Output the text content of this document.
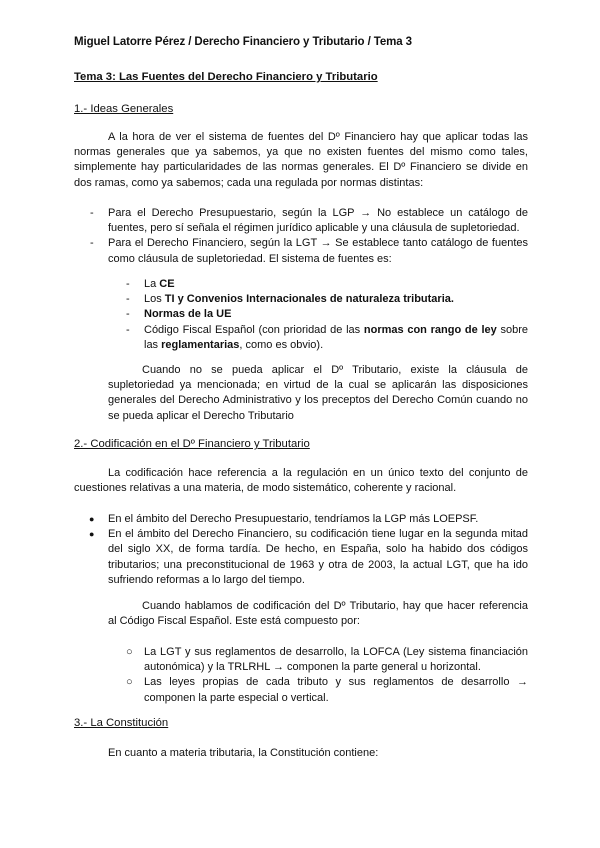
Miguel Latorre Pérez / Derecho Financiero y Tributario / Tema 3
Tema 3: Las Fuentes del Derecho Financiero y Tributario
1.- Ideas Generales
A la hora de ver el sistema de fuentes del Dº Financiero hay que aplicar todas las normas generales que ya sabemos, ya que no existen fuentes del mismo como tales, simplemente hay particularidades de las normas generales. El Dº Financiero se divide en dos ramas, como ya sabemos; cada una regulada por normas distintas:
- Para el Derecho Presupuestario, según la LGP → No establece un catálogo de fuentes, pero sí señala el régimen jurídico aplicable y una cláusula de supletoriedad.
- Para el Derecho Financiero, según la LGT → Se establece tanto catálogo de fuentes como cláusula de supletoriedad. El sistema de fuentes es:
- La CE
- Los TI y Convenios Internacionales de naturaleza tributaria.
- Normas de la UE
- Código Fiscal Español (con prioridad de las normas con rango de ley sobre las reglamentarias, como es obvio).
Cuando no se pueda aplicar el Dº Tributario, existe la cláusula de supletoriedad ya mencionada; en virtud de la cual se aplicarán las disposiciones generales del Derecho Administrativo y los preceptos del Derecho Común cuando no se pueda aplicar el Derecho Tributario
2.- Codificación en el Dº Financiero y Tributario
La codificación hace referencia a la regulación en un único texto del conjunto de cuestiones relativas a una materia, de modo sistemático, coherente y racional.
● En el ámbito del Derecho Presupuestario, tendríamos la LGP más LOEPSF.
● En el ámbito del Derecho Financiero, su codificación tiene lugar en la segunda mitad del siglo XX, de forma tardía. De hecho, en España, solo ha habido dos códigos tributarios; una preconstitucional de 1963 y otra de 2003, la actual LGT, que ha ido sufriendo reformas a lo largo del tiempo.
Cuando hablamos de codificación del Dº Tributario, hay que hacer referencia al Código Fiscal Español. Este está compuesto por:
○ La LGT y sus reglamentos de desarrollo, la LOFCA (Ley sistema financiación autonómica) y la TRLRHL → componen la parte general u horizontal.
○ Las leyes propias de cada tributo y sus reglamentos de desarrollo → componen la parte especial o vertical.
3.- La Constitución
En cuanto a materia tributaria, la Constitución contiene:
